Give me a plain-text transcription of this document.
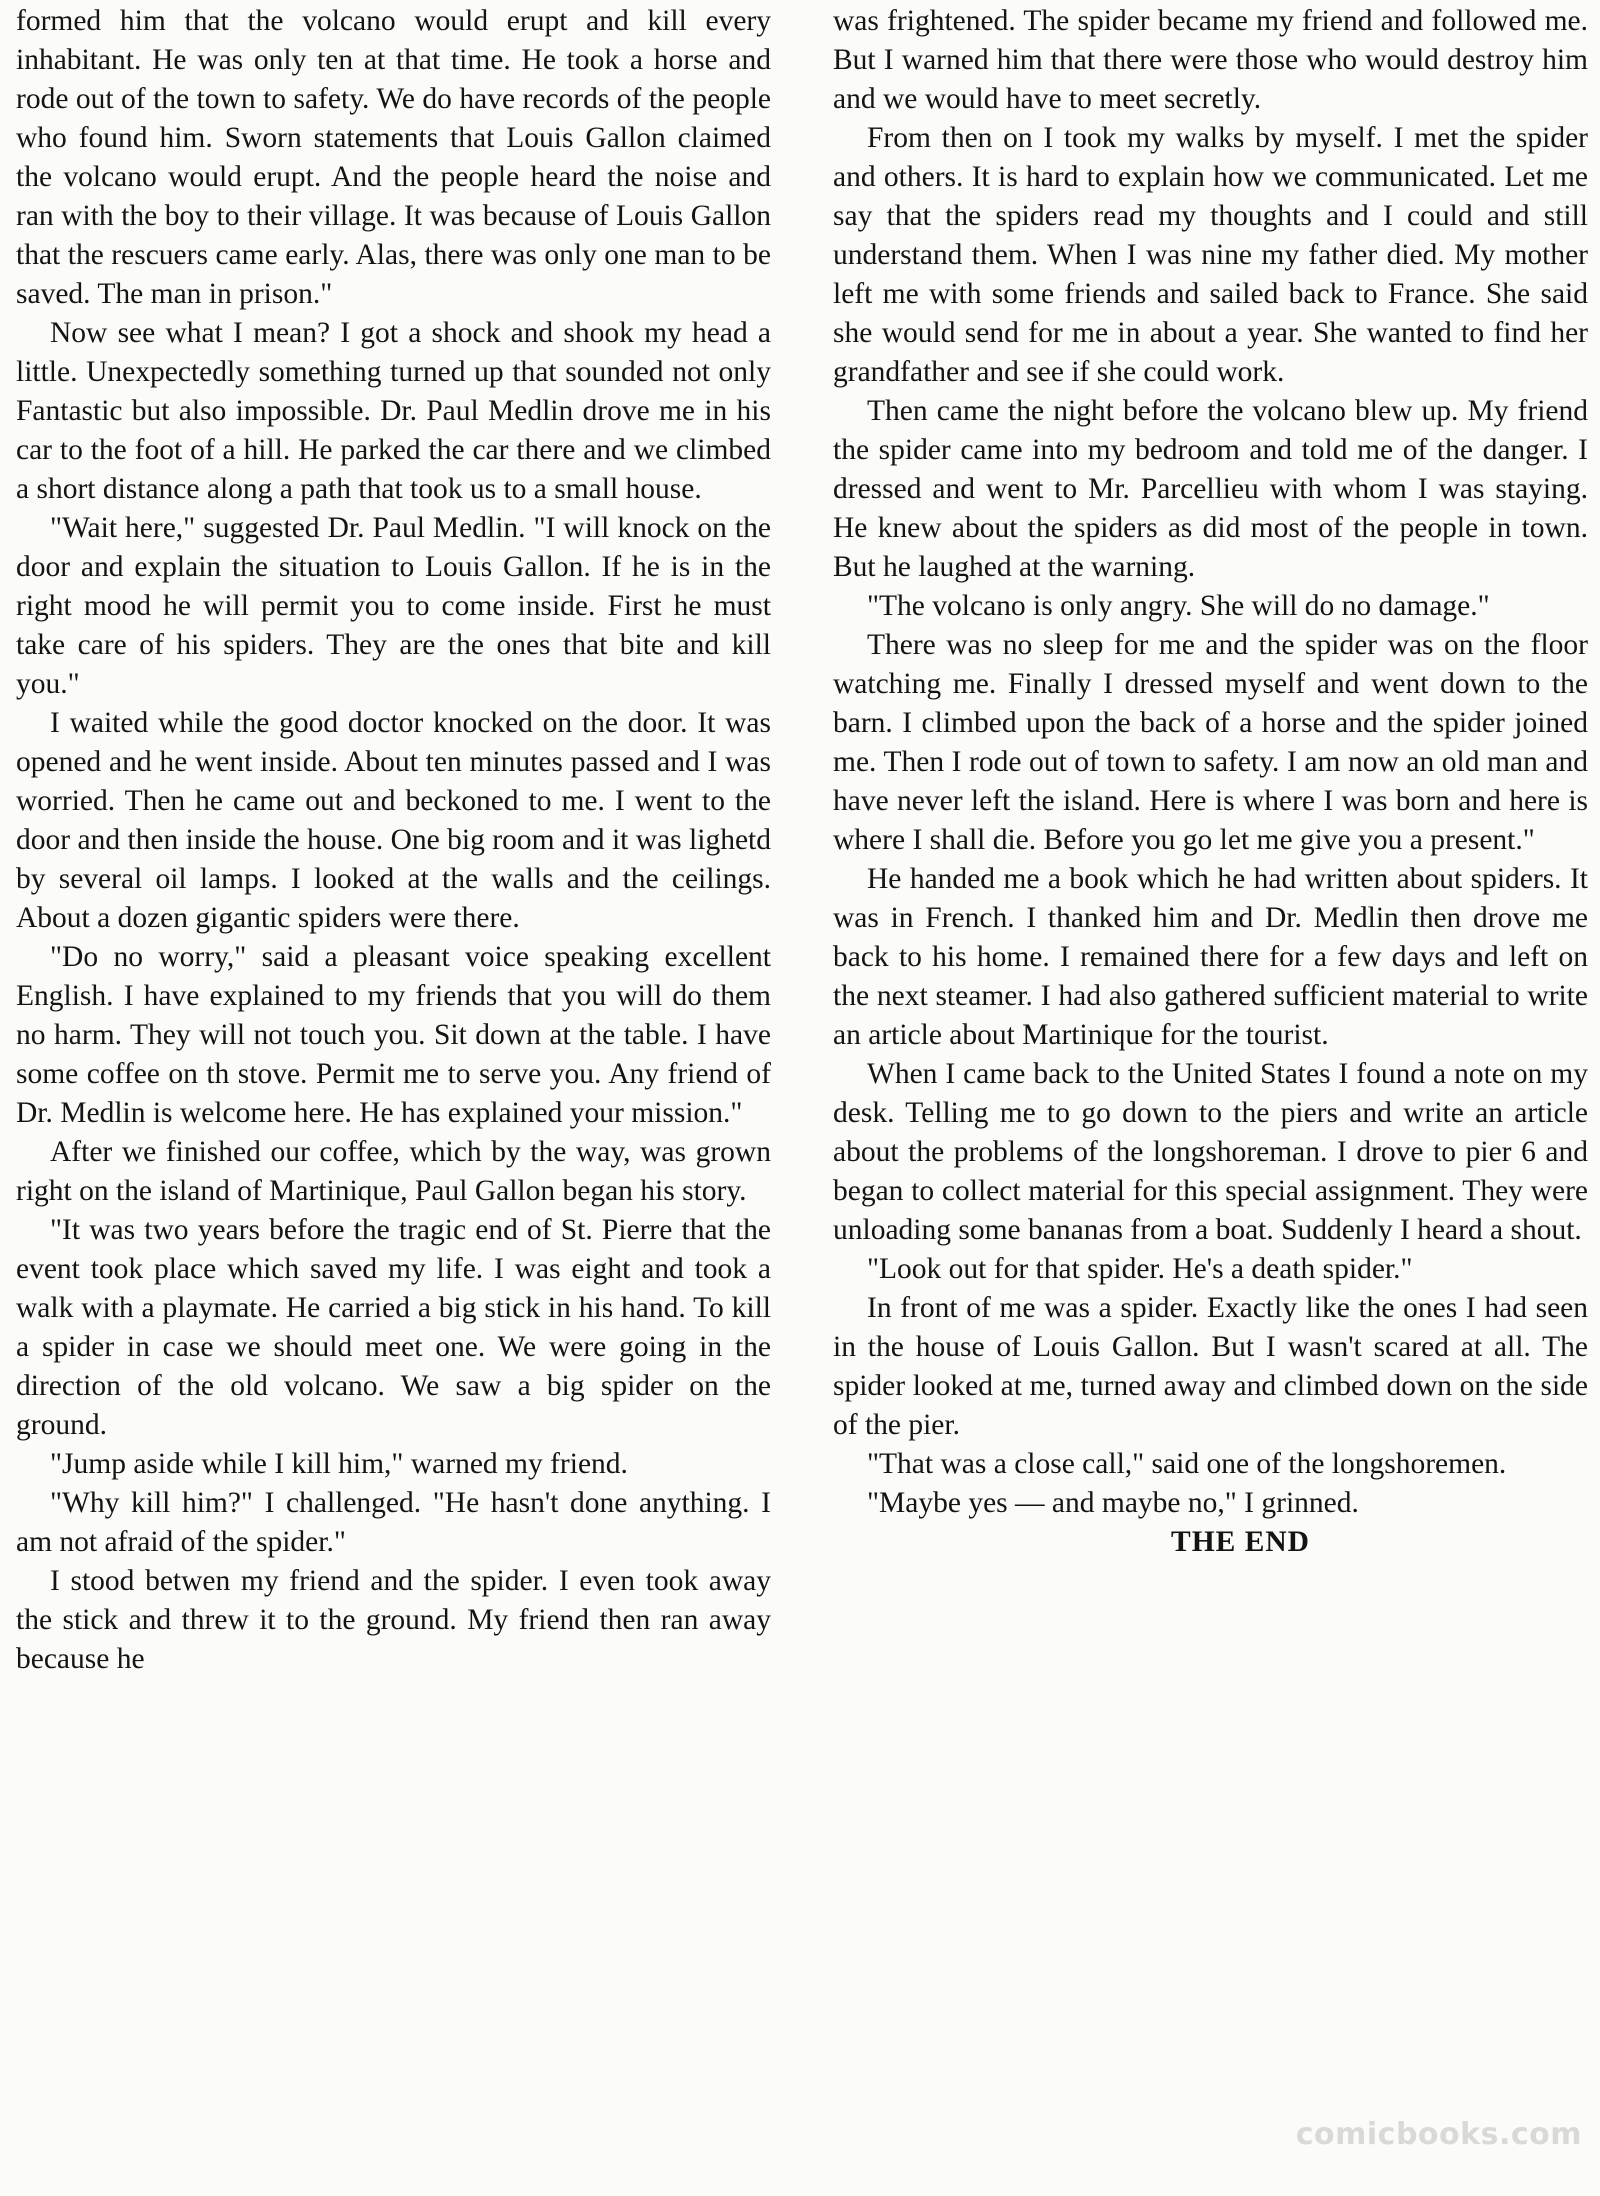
formed him that the volcano would erupt and kill every inhabitant. He was only ten at that time. He took a horse and rode out of the town to safety. We do have records of the people who found him. Sworn statements that Louis Gallon claimed the volcano would erupt. And the people heard the noise and ran with the boy to their village. It was because of Louis Gallon that the rescuers came early. Alas, there was only one man to be saved. The man in prison."

Now see what I mean? I got a shock and shook my head a little. Unexpectedly something turned up that sounded not only Fantastic but also impossible. Dr. Paul Medlin drove me in his car to the foot of a hill. He parked the car there and we climbed a short distance along a path that took us to a small house.

"Wait here," suggested Dr. Paul Medlin. "I will knock on the door and explain the situation to Louis Gallon. If he is in the right mood he will permit you to come inside. First he must take care of his spiders. They are the ones that bite and kill you."

I waited while the good doctor knocked on the door. It was opened and he went inside. About ten minutes passed and I was worried. Then he came out and beckoned to me. I went to the door and then inside the house. One big room and it was lighetd by several oil lamps. I looked at the walls and the ceilings. About a dozen gigantic spiders were there.

"Do no worry," said a pleasant voice speaking excellent English. I have explained to my friends that you will do them no harm. They will not touch you. Sit down at the table. I have some coffee on th stove. Permit me to serve you. Any friend of Dr. Medlin is welcome here. He has explained your mission."

After we finished our coffee, which by the way, was grown right on the island of Martinique, Paul Gallon began his story.

"It was two years before the tragic end of St. Pierre that the event took place which saved my life. I was eight and took a walk with a playmate. He carried a big stick in his hand. To kill a spider in case we should meet one. We were going in the direction of the old volcano. We saw a big spider on the ground.

"Jump aside while I kill him," warned my friend.

"Why kill him?" I challenged. "He hasn't done anything. I am not afraid of the spider."

I stood betwen my friend and the spider. I even took away the stick and threw it to the ground. My friend then ran away because he

was frightened. The spider became my friend and followed me. But I warned him that there were those who would destroy him and we would have to meet secretly.

From then on I took my walks by myself. I met the spider and others. It is hard to explain how we communicated. Let me say that the spiders read my thoughts and I could and still understand them. When I was nine my father died. My mother left me with some friends and sailed back to France. She said she would send for me in about a year. She wanted to find her grandfather and see if she could work.

Then came the night before the volcano blew up. My friend the spider came into my bedroom and told me of the danger. I dressed and went to Mr. Parcellieu with whom I was staying. He knew about the spiders as did most of the people in town. But he laughed at the warning.

"The volcano is only angry. She will do no damage."

There was no sleep for me and the spider was on the floor watching me. Finally I dressed myself and went down to the barn. I climbed upon the back of a horse and the spider joined me. Then I rode out of town to safety. I am now an old man and have never left the island. Here is where I was born and here is where I shall die. Before you go let me give you a present."

He handed me a book which he had written about spiders. It was in French. I thanked him and Dr. Medlin then drove me back to his home. I remained there for a few days and left on the next steamer. I had also gathered sufficient material to write an article about Martinique for the tourist.

When I came back to the United States I found a note on my desk. Telling me to go down to the piers and write an article about the problems of the longshoreman. I drove to pier 6 and began to collect material for this special assignment. They were unloading some bananas from a boat. Suddenly I heard a shout.

"Look out for that spider. He's a death spider."

In front of me was a spider. Exactly like the ones I had seen in the house of Louis Gallon. But I wasn't scared at all. The spider looked at me, turned away and climbed down on the side of the pier.

"That was a close call," said one of the longshoremen.

"Maybe yes — and maybe no," I grinned.

THE END

comicbooks.com
